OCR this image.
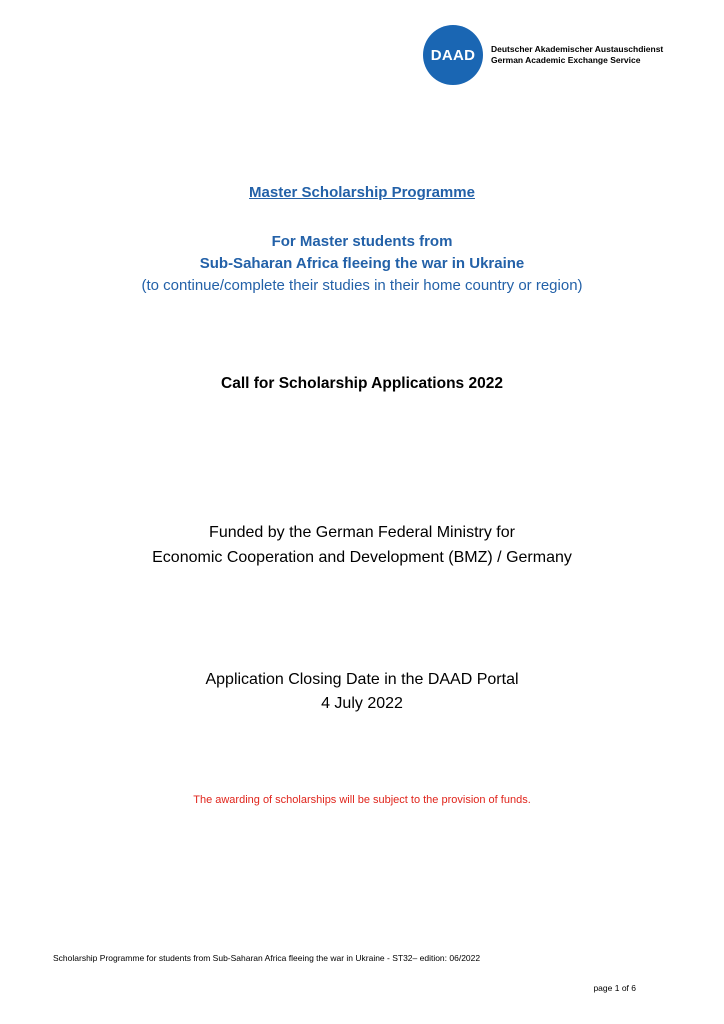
DAAD	Deutscher Akademischer Austauschdienst
German Academic Exchange Service
Master Scholarship Programme
For Master students from
Sub-Saharan Africa fleeing the war in Ukraine
(to continue/complete their studies in their home country or region)
Call for Scholarship Applications 2022
Funded by the German Federal Ministry for
Economic Cooperation and Development (BMZ) / Germany
Application Closing Date in the DAAD Portal
4 July 2022
The awarding of scholarships will be subject to the provision of funds.
Scholarship Programme for students from Sub-Saharan Africa fleeing the war in Ukraine - ST32– edition: 06/2022
page 1 of 6
